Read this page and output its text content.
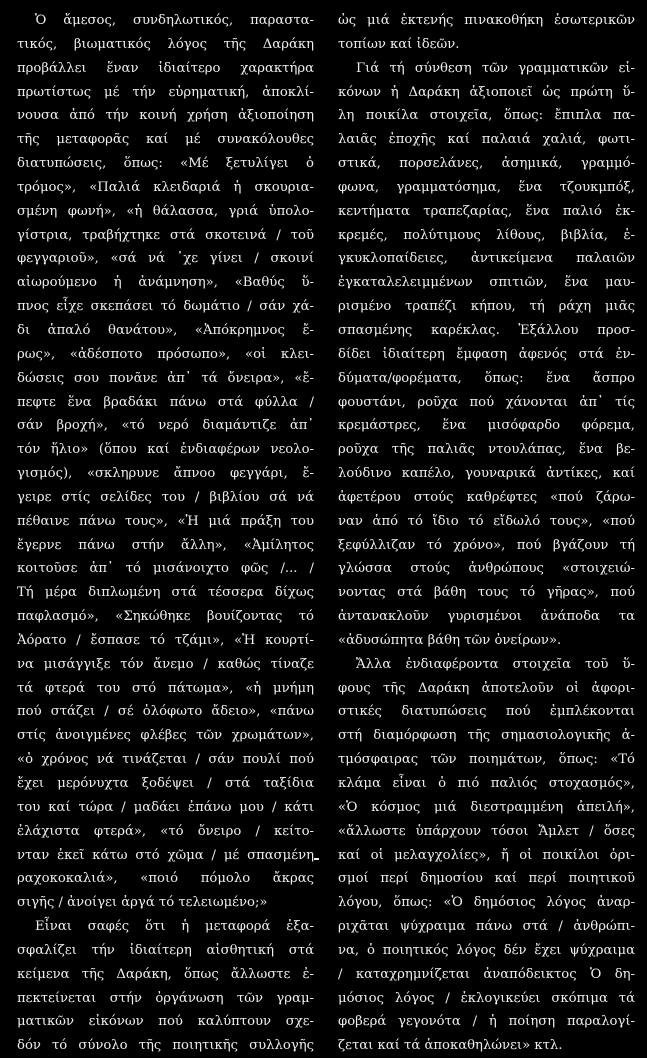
Ὁ ἄμεσος, συνδηλωτικός, παραστα-
τικός, βιωματικός λόγος τῆς Δαράκη
προβάλλει ἕναν ἰδιαίτερο χαρακτήρα
πρωτίστως μέ τήν εὐρηματική, ἀποκλί-
νουσα ἀπό τήν κοινή χρήση ἀξιοποίηση
τῆς μεταφορᾶς καί μέ συνακόλουθες
διατυπώσεις, ὅπως: «Μέ ξετυλίγει ὁ
τρόμος», «Παλιά κλειδαριά ἡ σκουρια-
σμένη φωνή», «ἡ θάλασσα, γριά ὑπολο-
γίστρια, τραβήχτηκε στά σκοτεινά / τοῦ
φεγγαριοῦ», «σά νά ᾽χε γίνει / σκοινί
αἰωρούμενο ἡ ἀνάμνηση», «Βαθύς ὕ-
πνος εἶχε σκεπάσει τό δωμάτιο / σάν χά-
δι ἁπαλό θανάτου», «Ἀπόκρημνος ἔ-
ρως», «ἀδέσποτο πρόσωπο», «οἱ κλει-
δώσεις σου πονᾶνε ἀπ᾽ τά ὄνειρα», «ἔ-
πεφτε ἕνα βραδάκι πάνω στά φύλλα /
σάν βροχή», «τό νερό διαμάντιζε ἀπ᾽
τόν ἥλιο» (ὅπου καί ἐνδιαφέρων νεολο-
γισμός), «σκληρυνε ἄπνοο φεγγάρι, ἔ-
γειρε στίς σελίδες του / βιβλίου σά νά
πέθαινε πάνω τους», «Ἡ μιά πράξη του
ἔγερνε πάνω στήν ἄλλη», «Ἀμίλητος
κοιτοῦσε ἀπ᾽ τό μισάνοιχτο φῶς /... /
Τή μέρα διπλωμένη στά τέσσερα δίχως
παφλασμό», «Σηκώθηκε βουίζοντας τό
Ἀόρατο / ἔσπασε τό τζάμι», «Ἡ κουρτί-
να μισάγγιξε τόν ἄνεμο / καθώς τίναζε
τά φτερά του στό πάτωμα», «ἡ μνήμη
πού στάζει / σέ ὁλόφωτο ἄδειο», «πάνω
στίς ἀνοιγμένες φλέβες τῶν χρωμάτων»,
«ὁ χρόνος νά τινάζεται / σάν πουλί πού
ἔχει μερόνυχτα ξοδέψει / στά ταξίδια
του καί τώρα / μαδάει ἐπάνω μου / κάτι
ἐλάχιστα φτερά», «τό ὄνειρο / κείτο-
νταν ἐκεῖ κάτω στό χῶμα / μέ σπασμένη
ραχοκοκαλιά», «ποιό πόμολο ἄκρας
σιγῆς / ἀνοίγει ἀργά τό τελειωμένο;»
Εἶναι σαφές ὅτι ἡ μεταφορά ἐξα-
σφαλίζει τήν ἰδιαίτερη αἰσθητική στά
κείμενα τῆς Δαράκη, ὅπως ἄλλωστε ἐ-
πεκτείνεται στήν ὀργάνωση τῶν γραμ-
ματικῶν εἰκόνων πού καλύπτουν σχε-
δόν τό σύνολο τῆς ποιητικῆς συλλογῆς
ὡς μιά ἐκτενής πινακοθήκη ἐσωτερικῶν
τοπίων καί ἰδεῶν.
Γιά τή σύνθεση τῶν γραμματικῶν εἰ-
κόνων ἡ Δαράκη ἀξιοποιεῖ ὡς πρώτη ὕ-
λη ποικίλα στοιχεῖα, ὅπως: ἔπιπλα πα-
λαιᾶς ἐποχῆς καί παλαιά χαλιά, φωτι-
στικά, πορσελάνες, ἀσημικά, γραμμό-
φωνα, γραμματόσημα, ἕνα τζουκμπόξ,
κεντήματα τραπεζαρίας, ἕνα παλιό ἐκ-
κρεμές, πολύτιμους λίθους, βιβλία, ἐ-
γκυκλοπαίδειες, ἀντικείμενα παλαιῶν
ἐγκαταλελειμμένων σπιτιῶν, ἕνα μαυ-
ρισμένο τραπέζι κήπου, τή ράχη μιᾶς
σπασμένης καρέκλας. Ἐξάλλου προσ-
δίδει ἰδιαίτερη ἔμφαση ἀφενός στά ἐν-
δύματα/φορέματα, ὅπως: ἕνα ἄσπρο
φουστάνι, ροῦχα πού χάνονται ἀπ᾽ τίς
κρεμάστρες, ἕνα μισόφαρδο φόρεμα,
ροῦχα τῆς παλιᾶς ντουλάπας, ἕνα βε-
λούδινο καπέλο, γουναρικά ἀντίκες, καί
ἀφετέρου στούς καθρέφτες «πού ζάρω-
ναν ἀπό τό ἴδιο τό εἴδωλό τους», «πού
ξεφύλλιζαν τό χρόνο», πού βγάζουν τή
γλώσσα στούς ἀνθρώπους «στοιχειώ-
νοντας στά βάθη τους τό γῆρας», πού
ἀντανακλοῦν γυρισμένοι ἀνάποδα τα
«ἀδυσώπητα βάθη τῶν ὀνείρων».
Ἄλλα ἐνδιαφέροντα στοιχεῖα τοῦ ὕ-
φους τῆς Δαράκη ἀποτελοῦν οἱ ἀφορι-
στικές διατυπώσεις πού ἐμπλέκονται
στή διαμόρφωση τῆς σημασιολογικῆς ἀ-
τμόσφαιρας τῶν ποιημάτων, ὅπως: «Τό
κλάμα εἶναι ὁ πιό παλιός στοχασμός»,
«Ὁ κόσμος μιά διεστραμμένη ἀπειλή»,
«ἄλλωστε ὑπάρχουν τόσοι Ἄμλετ / ὅσες
καί οἱ μελαγχολίες», ἤ οἱ ποικίλοι ὁρι-
σμοί περί δημοσίου καί περί ποιητικοῦ
λόγου, ὅπως: «Ὁ δημόσιος λόγος ἀναρ-
ριχᾶται ψύχραιμα πάνω στά / ἀνθρώπι-
να, ὁ ποιητικός λόγος δέν ἔχει ψύχραιμα
/ καταχρημνίζεται ἀναπόδεικτος Ὁ δη-
μόσιος λόγος / ἐκλογικεύει σκόπιμα τά
φοβερά γεγονότα / ἡ ποίηση παραλογί-
ζεται καί τά ἀποκαθηλώνει» κτλ.
